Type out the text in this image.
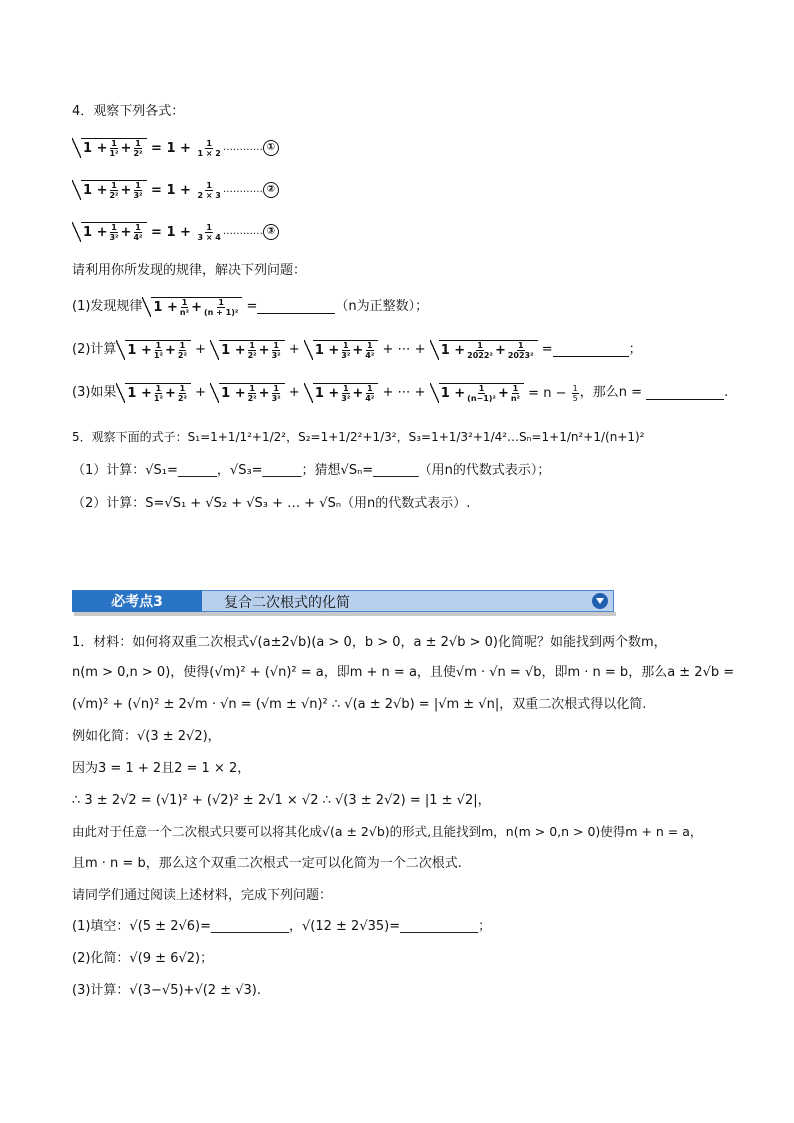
4．观察下列各式：
$1 + \frac{1}{\text{1²}} + \frac{1}{\text{2²}} = 1 + \frac{1}{1 \times 2}$ ………… ①
$1 + \frac{1}{\text{2²}} + \frac{1}{\text{3²}} = 1 + \frac{1}{2 \times 3}$ ………… ②
$1 + \frac{1}{\text{3²}} + \frac{1}{\text{4²}} = 1 + \frac{1}{3 \times 4}$ ………… ③
请利用你所发现的规律，解决下列问题：
(1)发现规律 $1 + \frac{1}{\text{n²}} + \frac{1}{\text{(n + 1)²}}$ =	（n为正整数）；
(2)计算 $1 + \frac{1}{\text{1²}} + \frac{1}{\text{2²}} + 1 + \frac{1}{\text{2²}} + \frac{1}{\text{3²}} + 1 + \frac{1}{\text{3²}} + \frac{1}{\text{4²}}$ + ⋯ + $1 + \frac{1}{\text{2022²}} + \frac{1}{\text{2023²}}$ =	；
(3)如果 $1 + \frac{1}{\text{1²}} + \frac{1}{\text{2²}} + 1 + \frac{1}{\text{2²}} + \frac{1}{\text{3²}} + 1 + \frac{1}{\text{3²}} + \frac{1}{\text{4²}}$ + ⋯ + $1 + \frac{1}{\text{(n−1)²}} + \frac{1}{\text{n²}} = n - \frac{1}{5}$ ，那么n =
	.
5．观察下面的式子：S₁=1+1/1²+1/2²，S₂=1+1/2²+1/3²，S₃=1+1/3²+1/4²…Sₙ=1+1/n²+1/(n+1)²
（1）计算：√S₁=______，√S₃=______；猜想√Sₙ=_______（用n的代数式表示）；
（2）计算：S=√S₁ + √S₂ + √S₃ + … + √Sₙ（用n的代数式表示）.
必考点3	复合二次根式的化简
1．材料：如何将双重二次根式√(a±2√b)(a > 0，b > 0，a ± 2√b > 0)化简呢？如能找到两个数m，
n(m > 0,n > 0)，使得(√m)² + (√n)² = a，即m + n = a，且使√m · √n = √b，即m · n = b，那么a ± 2√b =
(√m)² + (√n)² ± 2√m · √n = (√m ± √n)² ∴ √(a ± 2√b) = |√m ± √n|，双重二次根式得以化简.
例如化简：√(3 ± 2√2)，
因为3 = 1 + 2且2 = 1 × 2，
∴ 3 ± 2√2 = (√1)² + (√2)² ± 2√1 × √2 ∴ √(3 ± 2√2) = |1 ± √2|，
由此对于任意一个二次根式只要可以将其化成√(a ± 2√b)的形式,且能找到m，n(m > 0,n > 0)使得m + n = a，
且m · n = b，那么这个双重二次根式一定可以化简为一个二次根式.
请同学们通过阅读上述材料，完成下列问题：
(1)填空：√(5 ± 2√6)=____________，√(12 ± 2√35)=____________；
(2)化简：√(9 ± 6√2)；
(3)计算：√(3−√5)+√(2 ± √3).
